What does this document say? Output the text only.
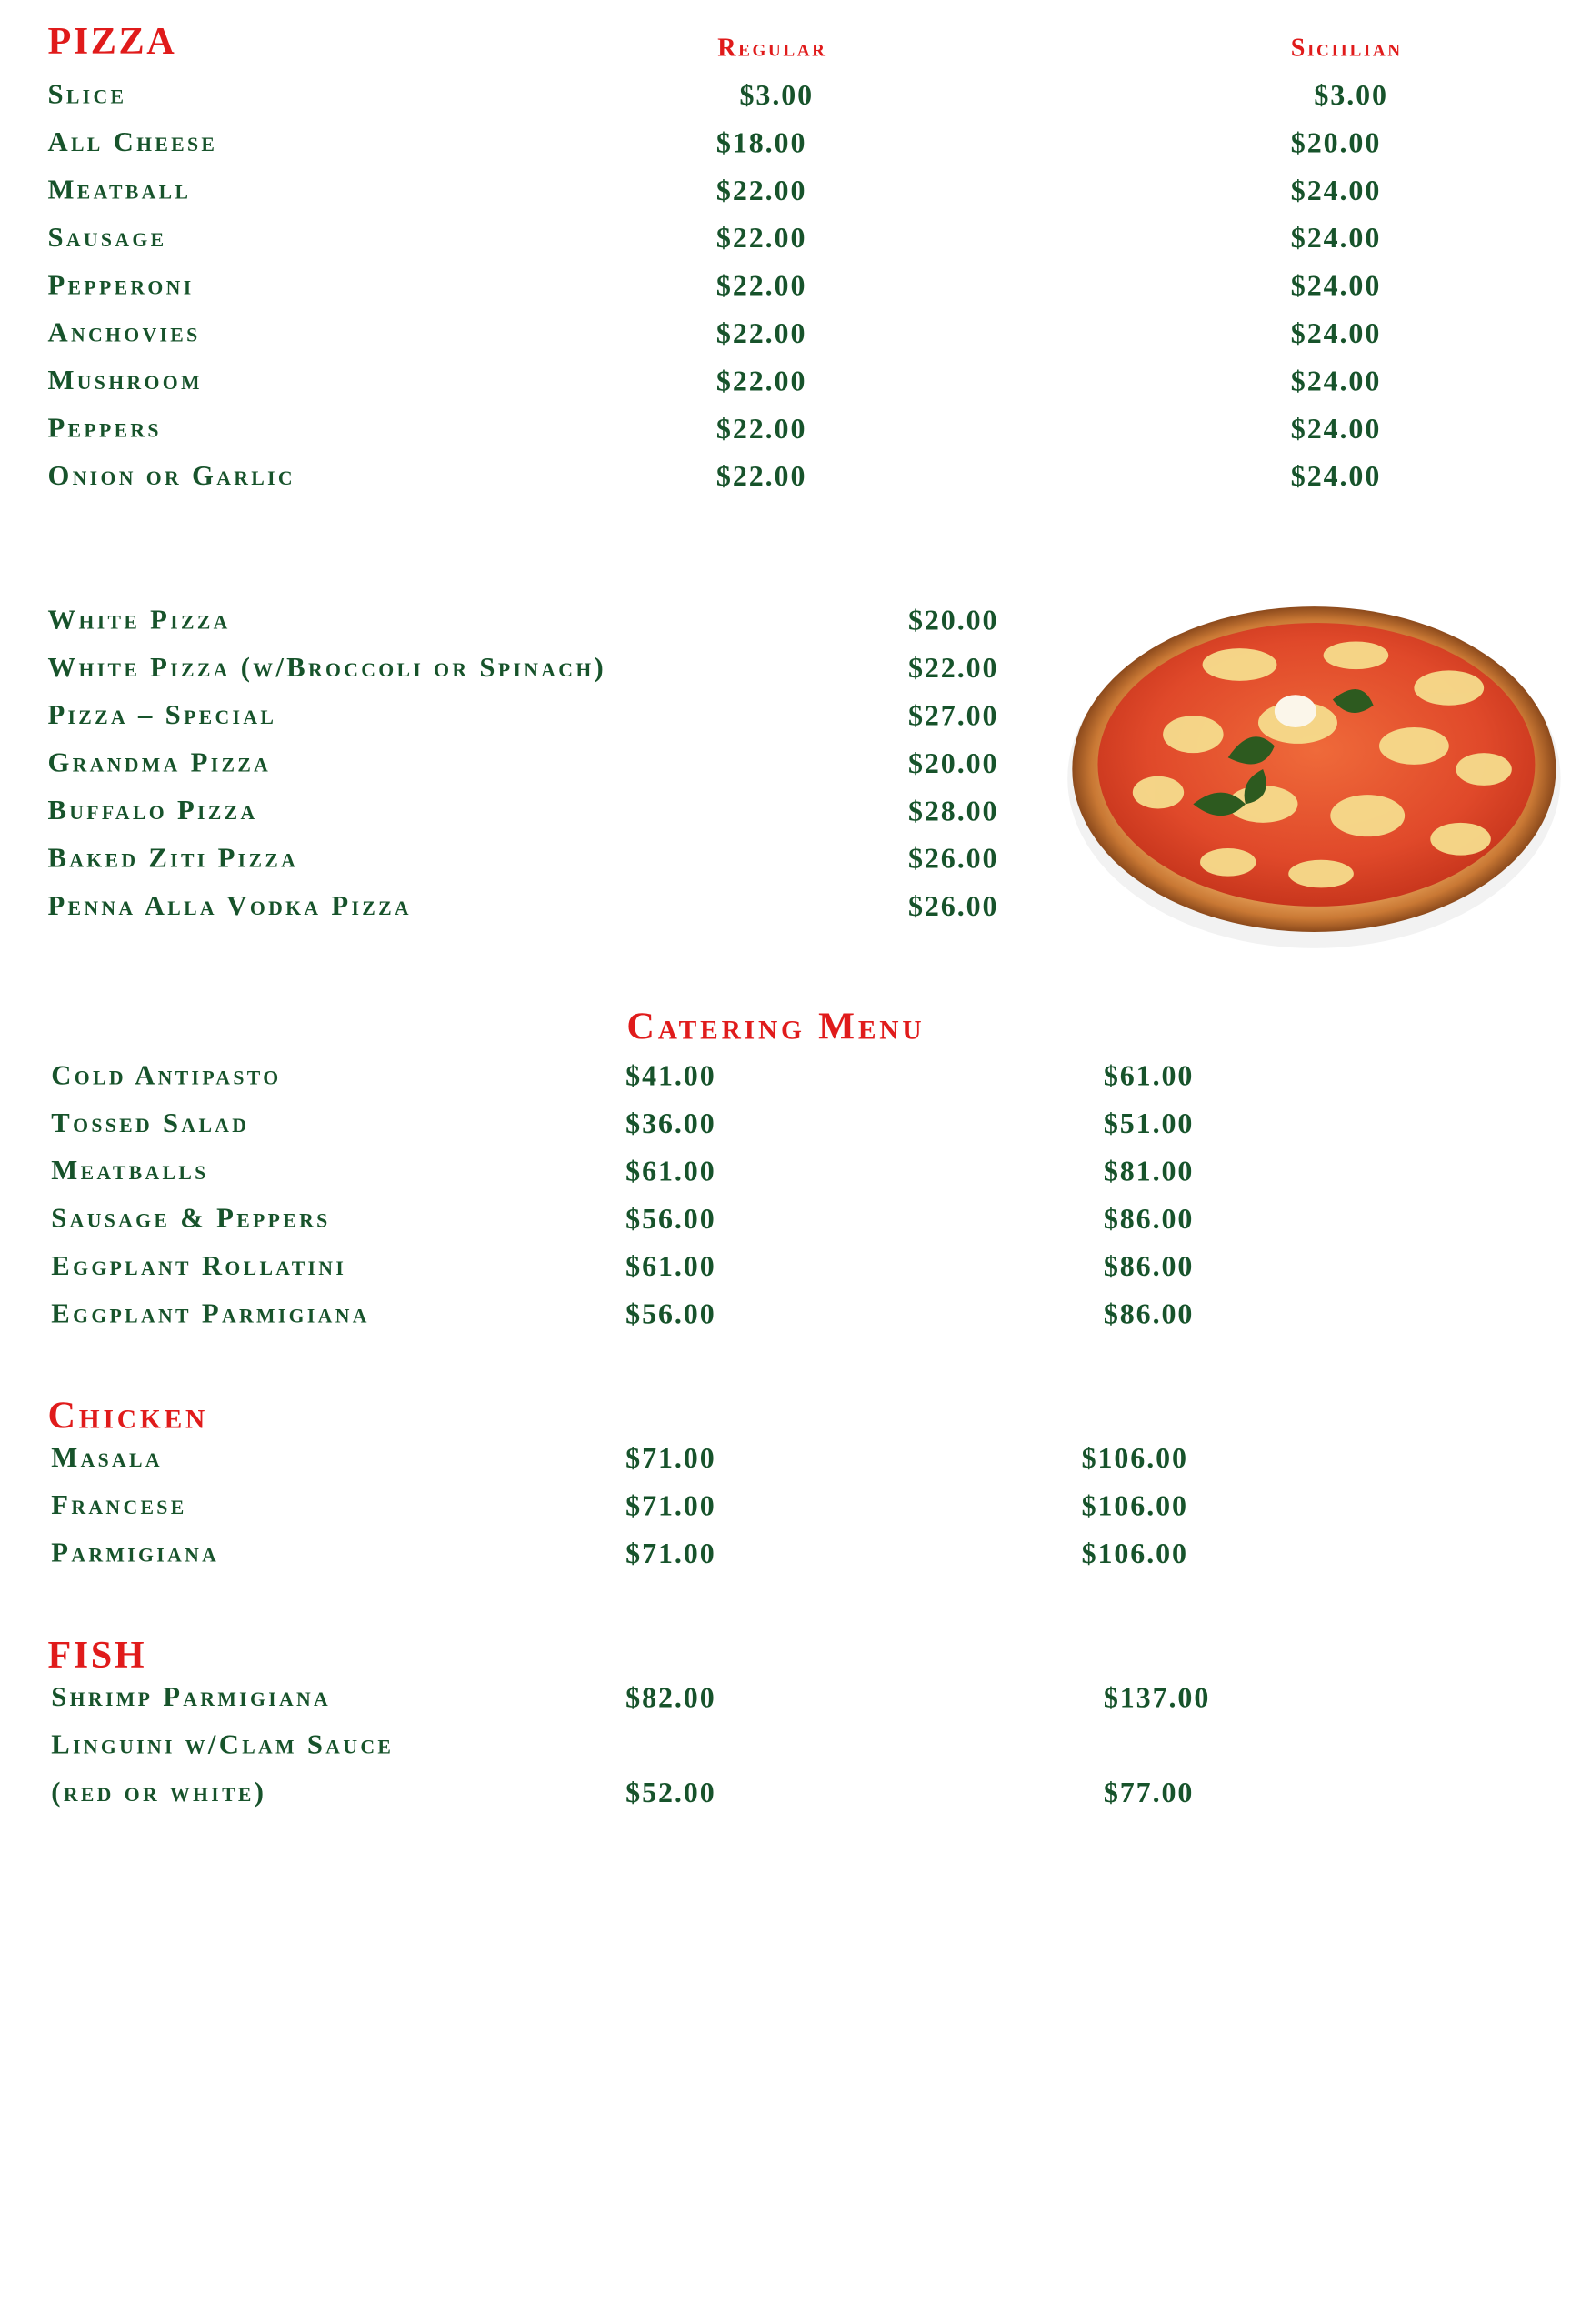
PIZZA	Regular	Siciilian
Slice	$3.00	$3.00
All Cheese	$18.00	$20.00
Meatball	$22.00	$24.00
Sausage	$22.00	$24.00
Pepperoni	$22.00	$24.00
Anchovies	$22.00	$24.00
Mushroom	$22.00	$24.00
Peppers	$22.00	$24.00
Onion or Garlic	$22.00	$24.00
White Pizza	$20.00
White Pizza (w/Broccoli or Spinach)	$22.00
Pizza – Special	$27.00
Grandma Pizza	$20.00
Buffalo Pizza	$28.00
Baked Ziti Pizza	$26.00
Penna Alla Vodka Pizza	$26.00
Catering Menu
Cold Antipasto	$41.00	$61.00
Tossed Salad	$36.00	$51.00
Meatballs	$61.00	$81.00
Sausage & Peppers	$56.00	$86.00
Eggplant Rollatini	$61.00	$86.00
Eggplant Parmigiana	$56.00	$86.00
Chicken
Masala	$71.00	$106.00
Francese	$71.00	$106.00
Parmigiana	$71.00	$106.00
FISH
Shrimp Parmigiana	$82.00	$137.00
Linguini w/Clam Sauce
(red or white)	$52.00	$77.00
